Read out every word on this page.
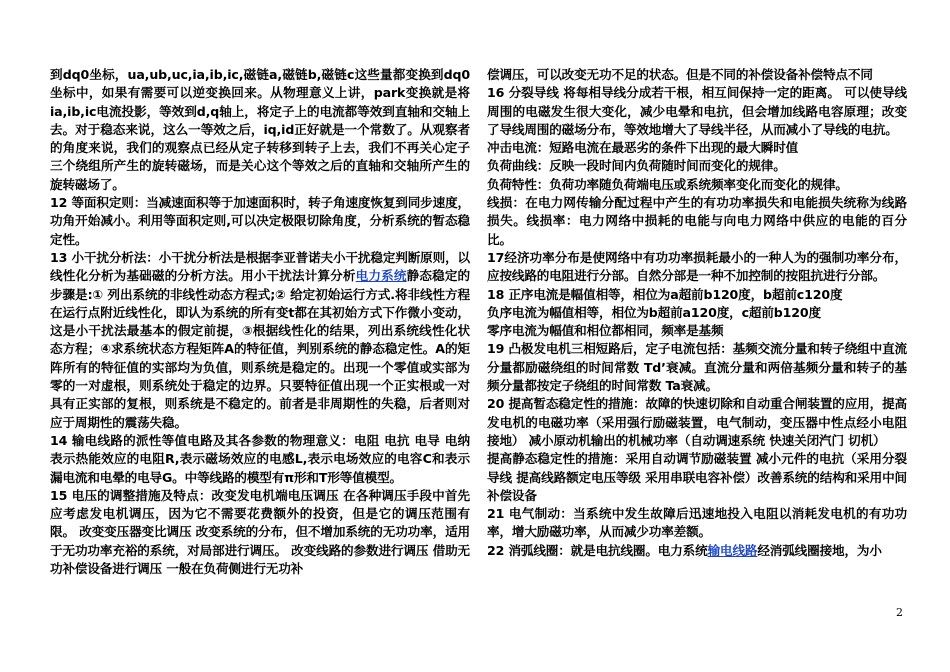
到dq0坐标，ua,ub,uc,ia,ib,ic,磁链a,磁链b,磁链c这些量都变换到dq0坐标中，如果有需要可以逆变换回来。从物理意义上讲，park变换就是将ia,ib,ic电流投影，等效到d,q轴上，将定子上的电流都等效到直轴和交轴上去。对于稳态来说，这么一等效之后，iq,id正好就是一个常数了。从观察者的角度来说，我们的观察点已经从定子转移到转子上去，我们不再关心定子三个绕组所产生的旋转磁场，而是关心这个等效之后的直轴和交轴所产生的旋转磁场了。

12 等面积定则：当减速面积等于加速面积时，转子角速度恢复到同步速度，功角开始减小。利用等面积定则,可以决定极限切除角度，分析系统的暂态稳定性。

13 小干扰分析法：小干扰分析法是根据李亚普诺夫小干扰稳定判断原则，以线性化分析为基础磁的分析方法。用小干扰法计算分析电力系统静态稳定的步骤是:① 列出系统的非线性动态方程式;② 给定初始运行方式.将非线性方程在运行点附近线性化，即认为系统的所有变t都在其初始方式下作微小变动，这是小干扰法最基本的假定前提，③根据线性化的结果，列出系统线性化状态方程；④求系统状态方程矩阵A的特征值，判别系统的静态稳定性。A的矩阵所有的特征值的实部均为负值，则系统是稳定的。出现一个零值或实部为零的一对虚根，则系统处于稳定的边界。只要特征值出现一个正实根或一对具有正实部的复根，则系统是不稳定的。前者是非周期性的失稳，后者则对应于周期性的震荡失稳。

14 输电线路的派性等值电路及其各参数的物理意义：电阻 电抗 电导 电纳 表示热能效应的电阻R,表示磁场效应的电感L,表示电场效应的电容C和表示漏电流和电晕的电导G。中等线路的模型有π形和T形等值模型。

15 电压的调整措施及特点：改变发电机端电压调压 在各种调压手段中首先应考虑发电机调压，因为它不需要花费额外的投资，但是它的调压范围有限。 改变变压器变比调压 改变系统的分布，但不增加系统的无功功率，适用于无功功率充裕的系统，对局部进行调压。 改变线路的参数进行调压 借助无功补偿设备进行调压 一般在负荷侧进行无功补

偿调压，可以改变无功不足的状态。但是不同的补偿设备补偿特点不同

16 分裂导线 将每相导线分成若干根，相互间保持一定的距离。 可以使导线周围的电磁发生很大变化，减少电晕和电抗，但会增加线路电容原理；改变了导线周围的磁场分布，等效地增大了导线半径，从而减小了导线的电抗。

冲击电流：短路电流在最恶劣的条件下出现的最大瞬时值

负荷曲线：反映一段时间内负荷随时间而变化的规律。

负荷特性：负荷功率随负荷端电压或系统频率变化而变化的规律。

线损：在电力网传输分配过程中产生的有功功率损失和电能损失统称为线路损失。线损率：电力网络中损耗的电能与向电力网络中供应的电能的百分比。

17经济功率分布是使网络中有功功率损耗最小的一种人为的强制功率分布，应按线路的电阻进行分部。自然分部是一种不加控制的按阻抗进行分部。

18 正序电流是幅值相等，相位为a超前b120度，b超前c120度

负序电流为幅值相等，相位为b超前a120度，c超前b120度

零序电流为幅值和相位都相同，频率是基频

19 凸极发电机三相短路后，定子电流包括：基频交流分量和转子绕组中直流分量都励磁绕组的时间常数 Td’衰减。直流分量和两倍基频分量和转子的基频分量都按定子绕组的时间常数 Ta衰减。

20 提高暂态稳定性的措施：故障的快速切除和自动重合闸装置的应用，提高发电机的电磁功率（采用强行励磁装置，电气制动，变压器中性点经小电阻接地） 减小原动机输出的机械功率（自动调速系统 快速关闭汽门 切机）

提高静态稳定性的措施：采用自动调节励磁装置 减小元件的电抗（采用分裂导线 提高线路额定电压等级 采用串联电容补偿）改善系统的结构和采用中间补偿设备

21 电气制动：当系统中发生故障后迅速地投入电阻以消耗发电机的有功功率，增大励磁功率，从而减少功率差额。

22 消弧线圈：就是电抗线圈。电力系统输电线路经消弧线圈接地，为小

2
